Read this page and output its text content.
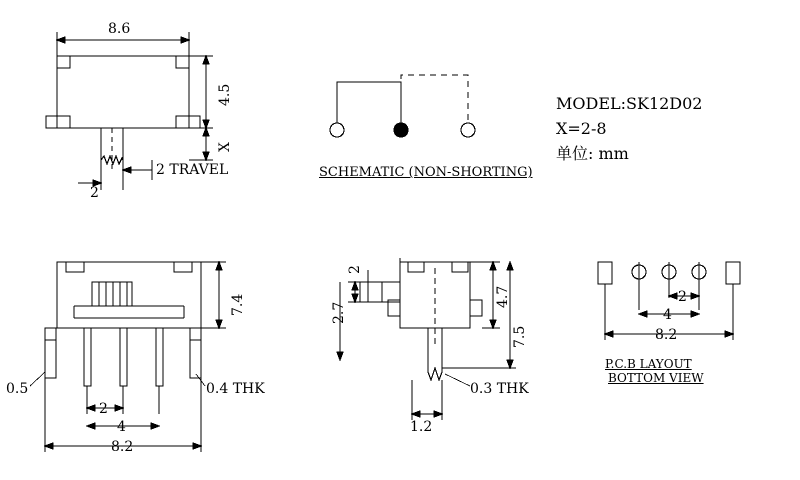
8.6
4.5
X
2
2 TRAVEL	SCHEMATIC (NON-SHORTING)
MODEL:SK12D02
X=2-8
单位: mm
7.4
0.5	0.4 THK
2
4
8.2
2
2.7
4.7
7.5
0.3 THK
1.2
2
4
8.2
P.C.B LAYOUT
BOTTOM VIEW
